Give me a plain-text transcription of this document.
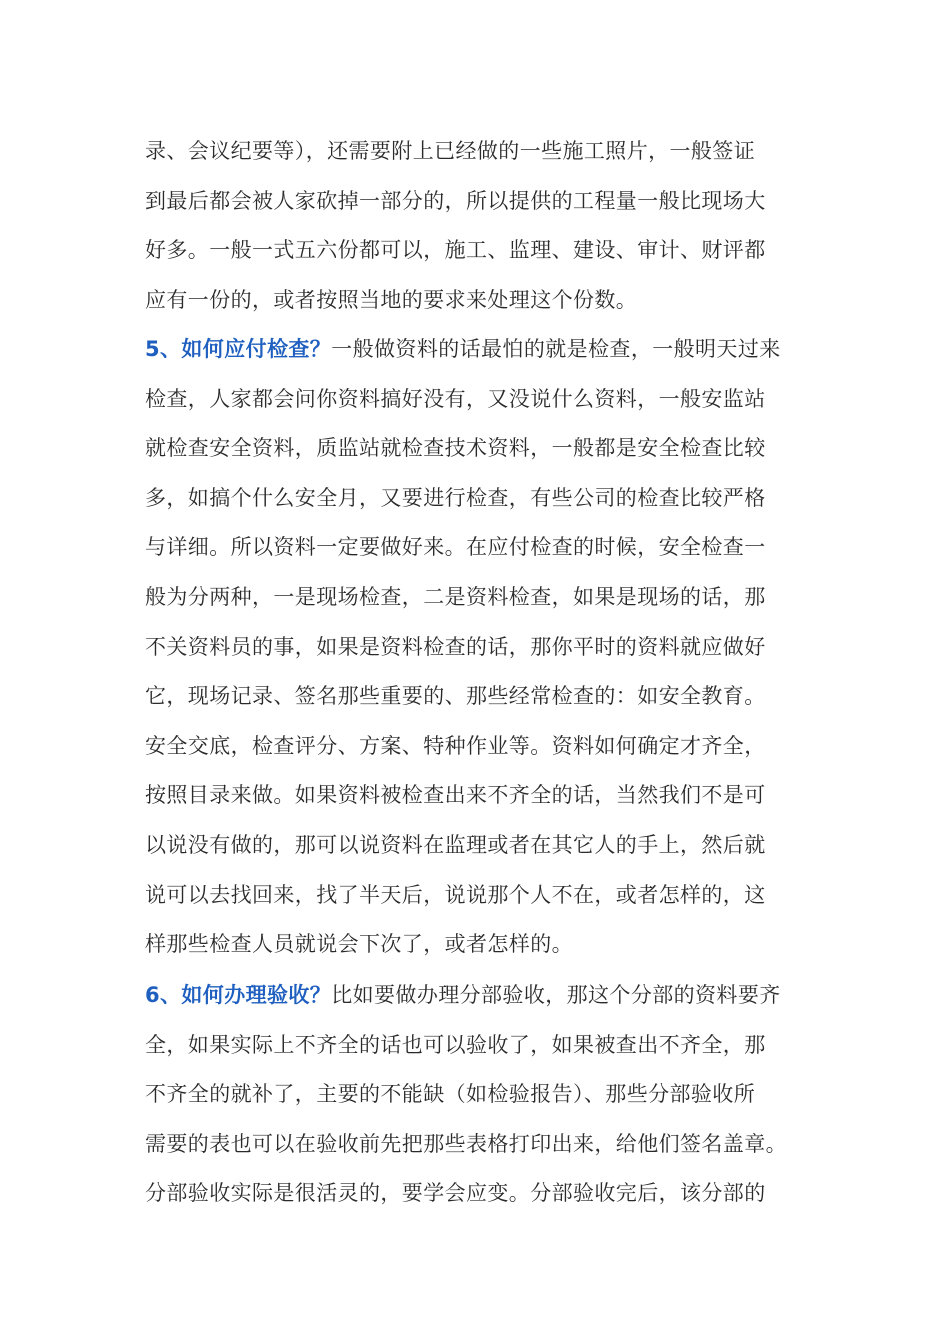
录、会议纪要等），还需要附上已经做的一些施工照片，一般签证
到最后都会被人家砍掉一部分的，所以提供的工程量一般比现场大
好多。一般一式五六份都可以，施工、监理、建设、审计、财评都
应有一份的，或者按照当地的要求来处理这个份数。
5、如何应付检查？一般做资料的话最怕的就是检查，一般明天过来
检查，人家都会问你资料搞好没有，又没说什么资料，一般安监站
就检查安全资料，质监站就检查技术资料，一般都是安全检查比较
多，如搞个什么安全月，又要进行检查，有些公司的检查比较严格
与详细。所以资料一定要做好来。在应付检查的时候，安全检查一
般为分两种，一是现场检查，二是资料检查，如果是现场的话，那
不关资料员的事，如果是资料检查的话，那你平时的资料就应做好
它，现场记录、签名那些重要的、那些经常检查的：如安全教育。
安全交底，检查评分、方案、特种作业等。资料如何确定才齐全，
按照目录来做。如果资料被检查出来不齐全的话，当然我们不是可
以说没有做的，那可以说资料在监理或者在其它人的手上，然后就
说可以去找回来，找了半天后，说说那个人不在，或者怎样的，这
样那些检查人员就说会下次了，或者怎样的。
6、如何办理验收？比如要做办理分部验收，那这个分部的资料要齐
全，如果实际上不齐全的话也可以验收了，如果被查出不齐全，那
不齐全的就补了，主要的不能缺（如检验报告）、那些分部验收所
需要的表也可以在验收前先把那些表格打印出来，给他们签名盖章。
分部验收实际是很活灵的，要学会应变。分部验收完后，该分部的
